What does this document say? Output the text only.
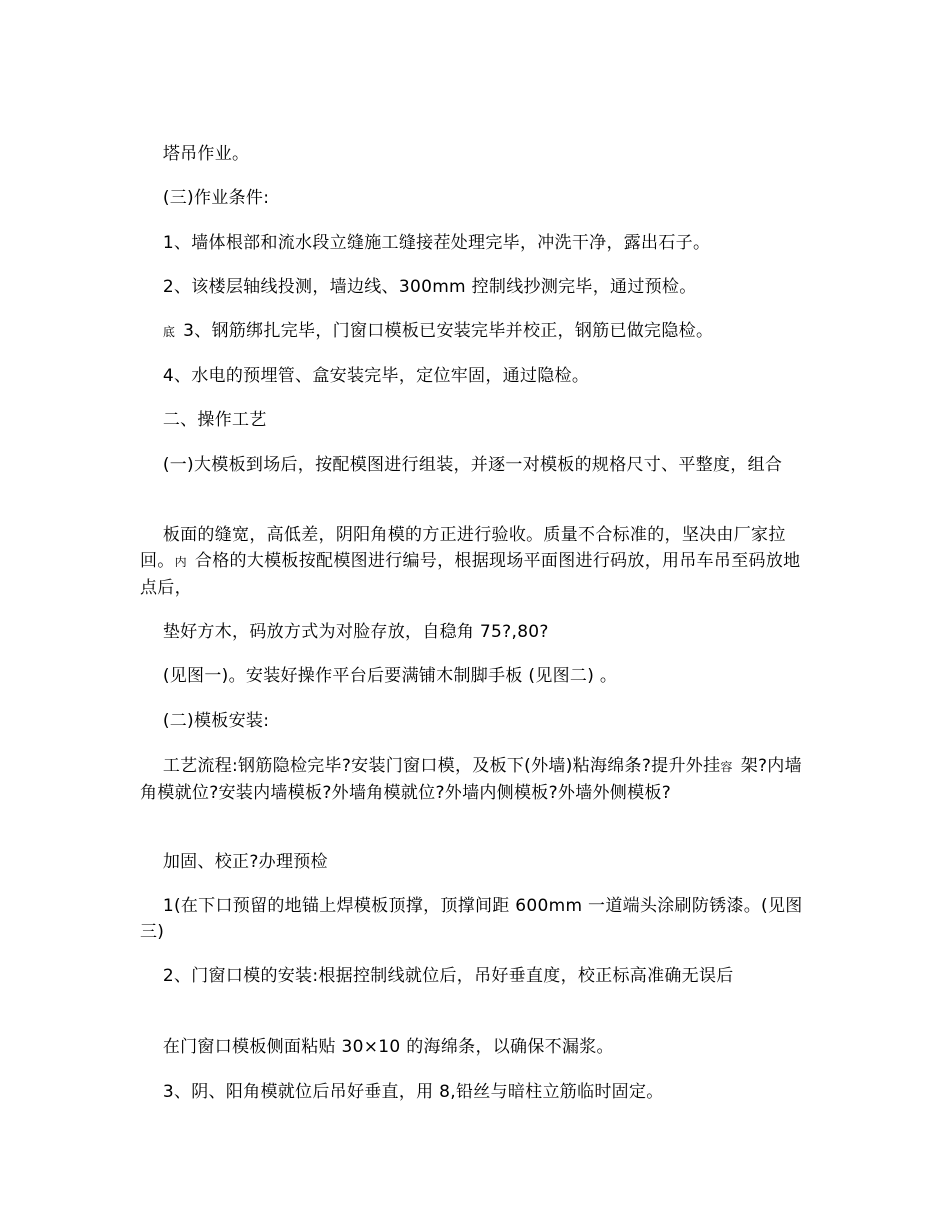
塔吊作业。

(三)作业条件:

1、墙体根部和流水段立缝施工缝接茬处理完毕，冲洗干净，露出石子。

2、该楼层轴线投测，墙边线、300mm 控制线抄测完毕，通过预检。

底 3、钢筋绑扎完毕，门窗口模板已安装完毕并校正，钢筋已做完隐检。

4、水电的预埋管、盒安装完毕，定位牢固，通过隐检。

二、操作工艺

(一)大模板到场后，按配模图进行组装，并逐一对模板的规格尺寸、平整度，组合

板面的缝宽，高低差，阴阳角模的方正进行验收。质量不合标准的，坚决由厂家拉回。内 合格的大模板按配模图进行编号，根据现场平面图进行码放，用吊车吊至码放地点后，

垫好方木，码放方式为对脸存放，自稳角 75?,80?

(见图一)。安装好操作平台后要满铺木制脚手板 (见图二) 。

(二)模板安装:

工艺流程:钢筋隐检完毕?安装门窗口模，及板下(外墙)粘海绵条?提升外挂容 架?内墙角模就位?安装内墙模板?外墙角模就位?外墙内侧模板?外墙外侧模板?

加固、校正?办理预检

1(在下口预留的地锚上焊模板顶撑，顶撑间距 600mm 一道端头涂刷防锈漆。(见图三)

2、门窗口模的安装:根据控制线就位后，吊好垂直度，校正标高准确无误后

在门窗口模板侧面粘贴 30×10 的海绵条，以确保不漏浆。

3、阴、阳角模就位后吊好垂直，用 8,铅丝与暗柱立筋临时固定。
